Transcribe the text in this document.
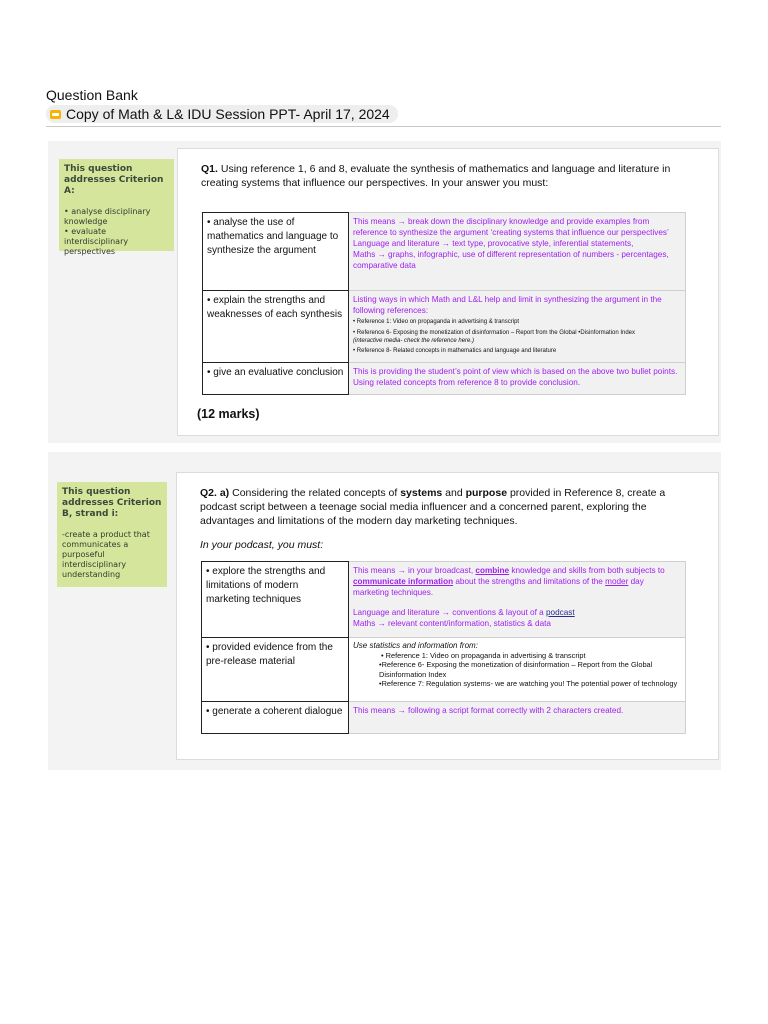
Question Bank
Copy of Math & L& IDU Session PPT- April 17, 2024
This question addresses Criterion A:
• analyse disciplinary knowledge
• evaluate interdisciplinary perspectives
Q1. Using reference 1, 6 and 8, evaluate the synthesis of mathematics and language and literature in creating systems that influence our perspectives. In your answer you must:
• analyse the use of mathematics and language to synthesize the argument	This means → break down the disciplinary knowledge and provide examples from reference to synthesize the argument ‘creating systems that influence our perspectives’
Language and literature → text type, provocative style, inferential statements,
Maths → graphs, infographic, use of different representation of numbers - percentages, comparative data

• explain the strengths and weaknesses of each synthesis	Listing ways in which Math and L&L help and limit in synthesizing the argument in the following references:
• Reference 1: Video on propaganda in advertising & transcript
• Reference 6- Exposing the monetization of disinformation – Report from the Global •Disinformation Index
(interactive media- check the reference here.)
• Reference 8- Related concepts in mathematics and language and literature

• give an evaluative conclusion	This is providing the student’s point of view which is based on the above two bullet points. Using related concepts from reference 8 to provide conclusion.
(12 marks)
This question addresses Criterion B, strand i:
-create a product that communicates a purposeful interdisciplinary understanding
Q2. a) Considering the related concepts of systems and purpose provided in Reference 8, create a podcast script between a teenage social media influencer and a concerned parent, exploring the advantages and limitations of the modern day marketing techniques.
In your podcast, you must:
• explore the strengths and limitations of modern marketing techniques	This means → in your broadcast, combine knowledge and skills from both subjects to communicate information about the strengths and limitations of the moder day marketing techniques.
Language and literature → conventions & layout of a podcast
Maths → relevant content/information, statistics & data

• provided evidence from the pre-release material	Use statistics and information from:
• Reference 1: Video on propaganda in advertising & transcript
•Reference 6- Exposing the monetization of disinformation – Report from the Global Disinformation Index
•Reference 7: Regulation systems- we are watching you! The potential power of technology

• generate a coherent dialogue	This means → following a script format correctly with 2 characters created.
